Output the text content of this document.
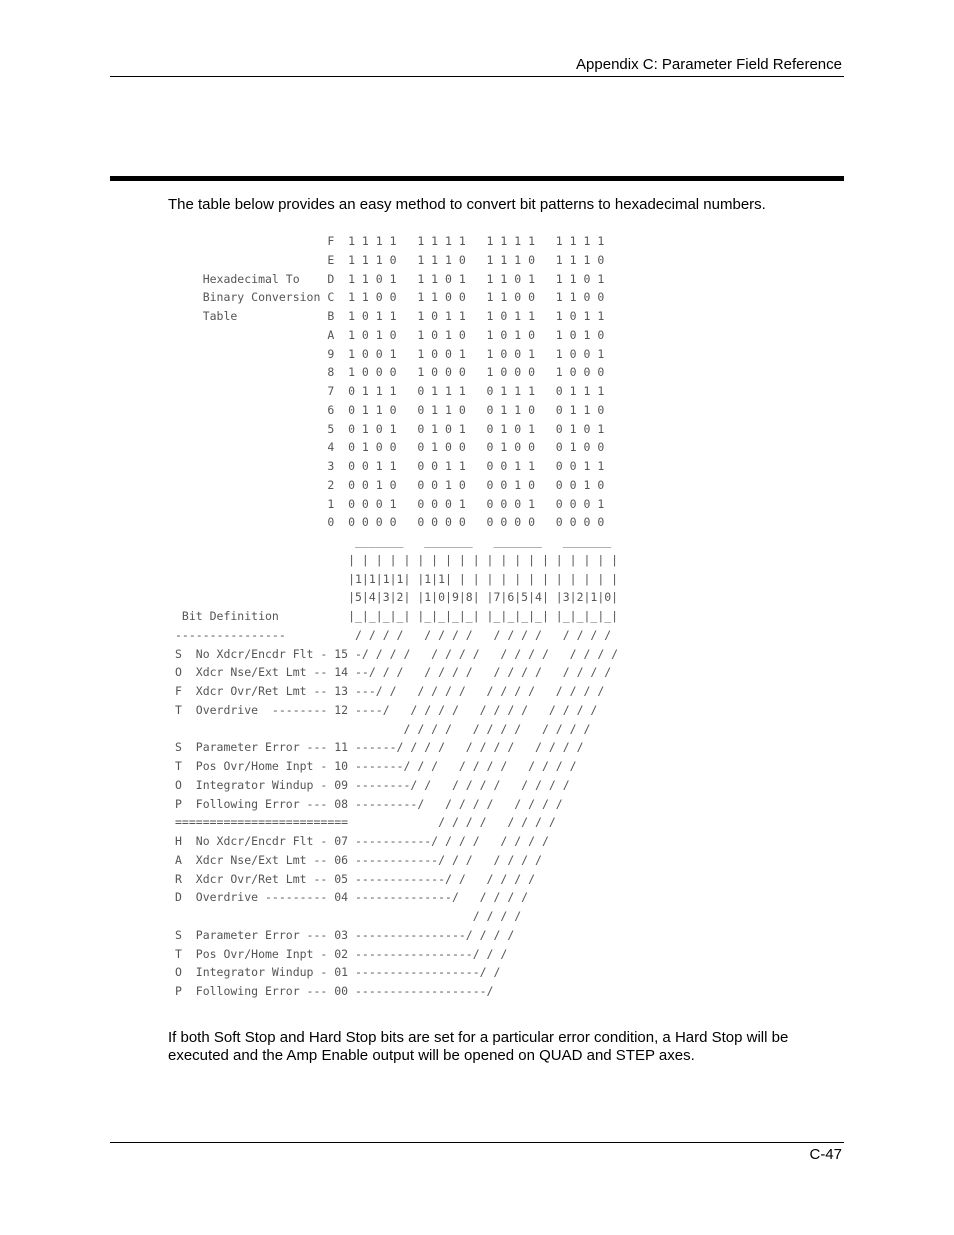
Appendix C: Parameter Field Reference
The table below provides an easy method to convert bit patterns to hexadecimal numbers.
F  1 1 1 1   1 1 1 1   1 1 1 1   1 1 1 1
E  1 1 1 0   1 1 1 0   1 1 1 0   1 1 1 0
Hexadecimal To    D  1 1 0 1   1 1 0 1   1 1 0 1   1 1 0 1
Binary Conversion C  1 1 0 0   1 1 0 0   1 1 0 0   1 1 0 0
Table             B  1 0 1 1   1 0 1 1   1 0 1 1   1 0 1 1
A  1 0 1 0   1 0 1 0   1 0 1 0   1 0 1 0
9  1 0 0 1   1 0 0 1   1 0 0 1   1 0 0 1
8  1 0 0 0   1 0 0 0   1 0 0 0   1 0 0 0
7  0 1 1 1   0 1 1 1   0 1 1 1   0 1 1 1
6  0 1 1 0   0 1 1 0   0 1 1 0   0 1 1 0
5  0 1 0 1   0 1 0 1   0 1 0 1   0 1 0 1
4  0 1 0 0   0 1 0 0   0 1 0 0   0 1 0 0
3  0 0 1 1   0 0 1 1   0 0 1 1   0 0 1 1
2  0 0 1 0   0 0 1 0   0 0 1 0   0 0 1 0
1  0 0 0 1   0 0 0 1   0 0 0 1   0 0 0 1
0  0 0 0 0   0 0 0 0   0 0 0 0   0 0 0 0
_______   _______   _______   _______
| | | | | | | | | | | | | | | | | | | |
|1|1|1|1| |1|1| | | | | | | | | | | | |
|5|4|3|2| |1|0|9|8| |7|6|5|4| |3|2|1|0|
Bit Definition          |_|_|_|_| |_|_|_|_| |_|_|_|_| |_|_|_|_|
----------------          / / / /   / / / /   / / / /   / / / /
S  No Xdcr/Encdr Flt - 15 -/ / / /   / / / /   / / / /   / / / /
O  Xdcr Nse/Ext Lmt -- 14 --/ / /   / / / /   / / / /   / / / /
F  Xdcr Ovr/Ret Lmt -- 13 ---/ /   / / / /   / / / /   / / / /
T  Overdrive  -------- 12 ----/   / / / /   / / / /   / / / /
/ / / /   / / / /   / / / /
S  Parameter Error --- 11 ------/ / / /   / / / /   / / / /
T  Pos Ovr/Home Inpt - 10 -------/ / /   / / / /   / / / /
O  Integrator Windup - 09 --------/ /   / / / /   / / / /
P  Following Error --- 08 ---------/   / / / /   / / / /
=========================             / / / /   / / / /
H  No Xdcr/Encdr Flt - 07 -----------/ / / /   / / / /
A  Xdcr Nse/Ext Lmt -- 06 ------------/ / /   / / / /
R  Xdcr Ovr/Ret Lmt -- 05 -------------/ /   / / / /
D  Overdrive --------- 04 --------------/   / / / /
/ / / /
S  Parameter Error --- 03 ----------------/ / / /
T  Pos Ovr/Home Inpt - 02 -----------------/ / /
O  Integrator Windup - 01 ------------------/ /
P  Following Error --- 00 -------------------/

If both Soft Stop and Hard Stop bits are set for a particular error condition, a Hard Stop will be executed and the Amp Enable output will be opened on QUAD and STEP axes.
C-47
